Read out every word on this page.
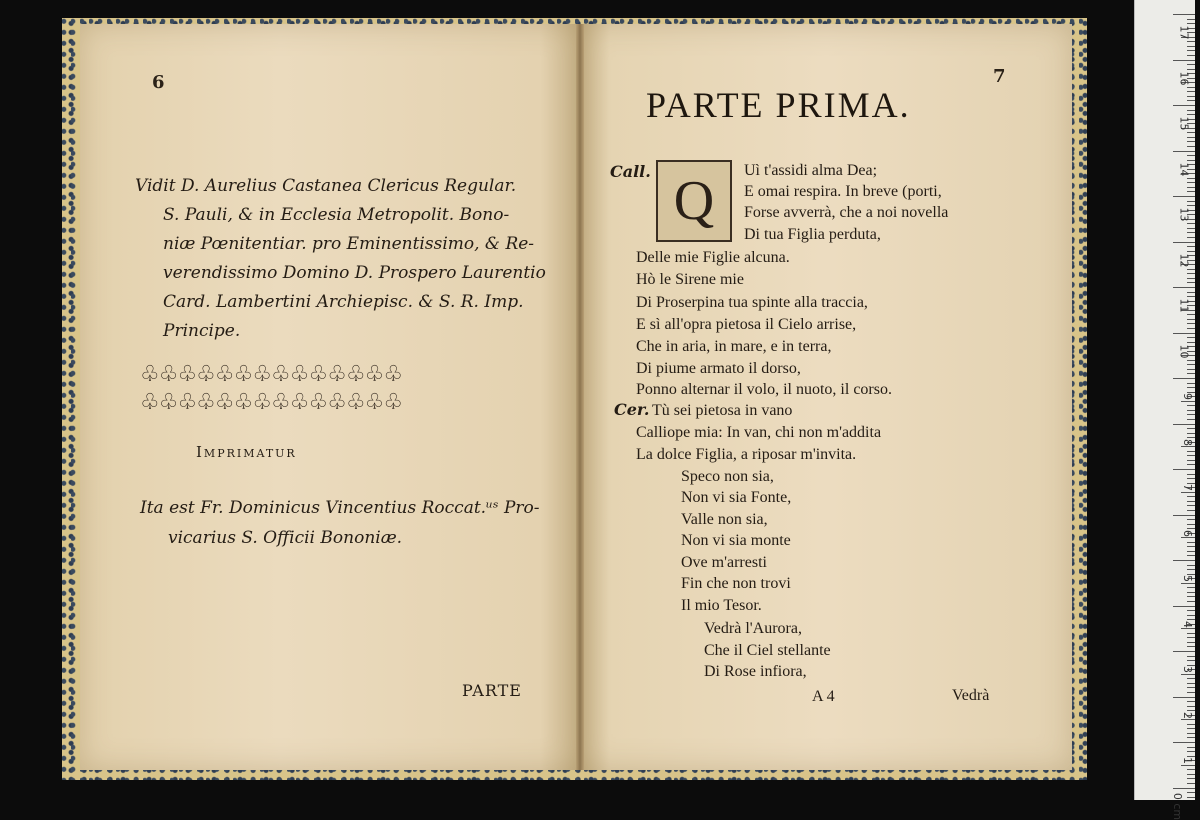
6
Vidit D. Aurelius Castanea Clericus Regular.
S. Pauli, & in Ecclesia Metropolit. Bono-
niæ Pœnitentiar. pro Eminentissimo, & Re-
verendissimo Domino D. Prospero Laurentio
Card. Lambertini Archiepisc. & S. R. Imp.
Principe.
♧♧♧♧♧♧♧♧♧♧♧♧♧♧
♧♧♧♧♧♧♧♧♧♧♧♧♧♧
Imprimatur
Ita est Fr. Dominicus Vincentius Roccat.ᵘˢ Pro-
vicarius S. Officii Bononiæ.
PARTE
7
PARTE PRIMA.
Call. Q
Cer.
Uì t'assidi alma Dea;
E omai respira. In breve (porti,
Forse avverrà, che a noi novella
Di tua Figlia perduta,
Delle mie Figlie alcuna.
Hò le Sirene mie
Di Proserpina tua spinte alla traccia,
E sì all'opra pietosa il Cielo arrise,
Che in aria, in mare, e in terra,
Di piume armato il dorso,
Ponno alternar il volo, il nuoto, il corso.
Tù sei pietosa in vano
Calliope mia: In van, chi non m'addita
La dolce Figlia, a riposar m'invita.
Speco non sia,
Non vi sia Fonte,
Valle non sia,
Non vi sia monte
Ove m'arresti
Fin che non trovi
Il mio Tesor.
Vedrà l'Aurora,
Che il Ciel stellante
Di Rose infiora,
A 4	Vedrà
17
16
15
14
13
12
11
10
9
8
7
6
5
4
3
2
1
0 cm
